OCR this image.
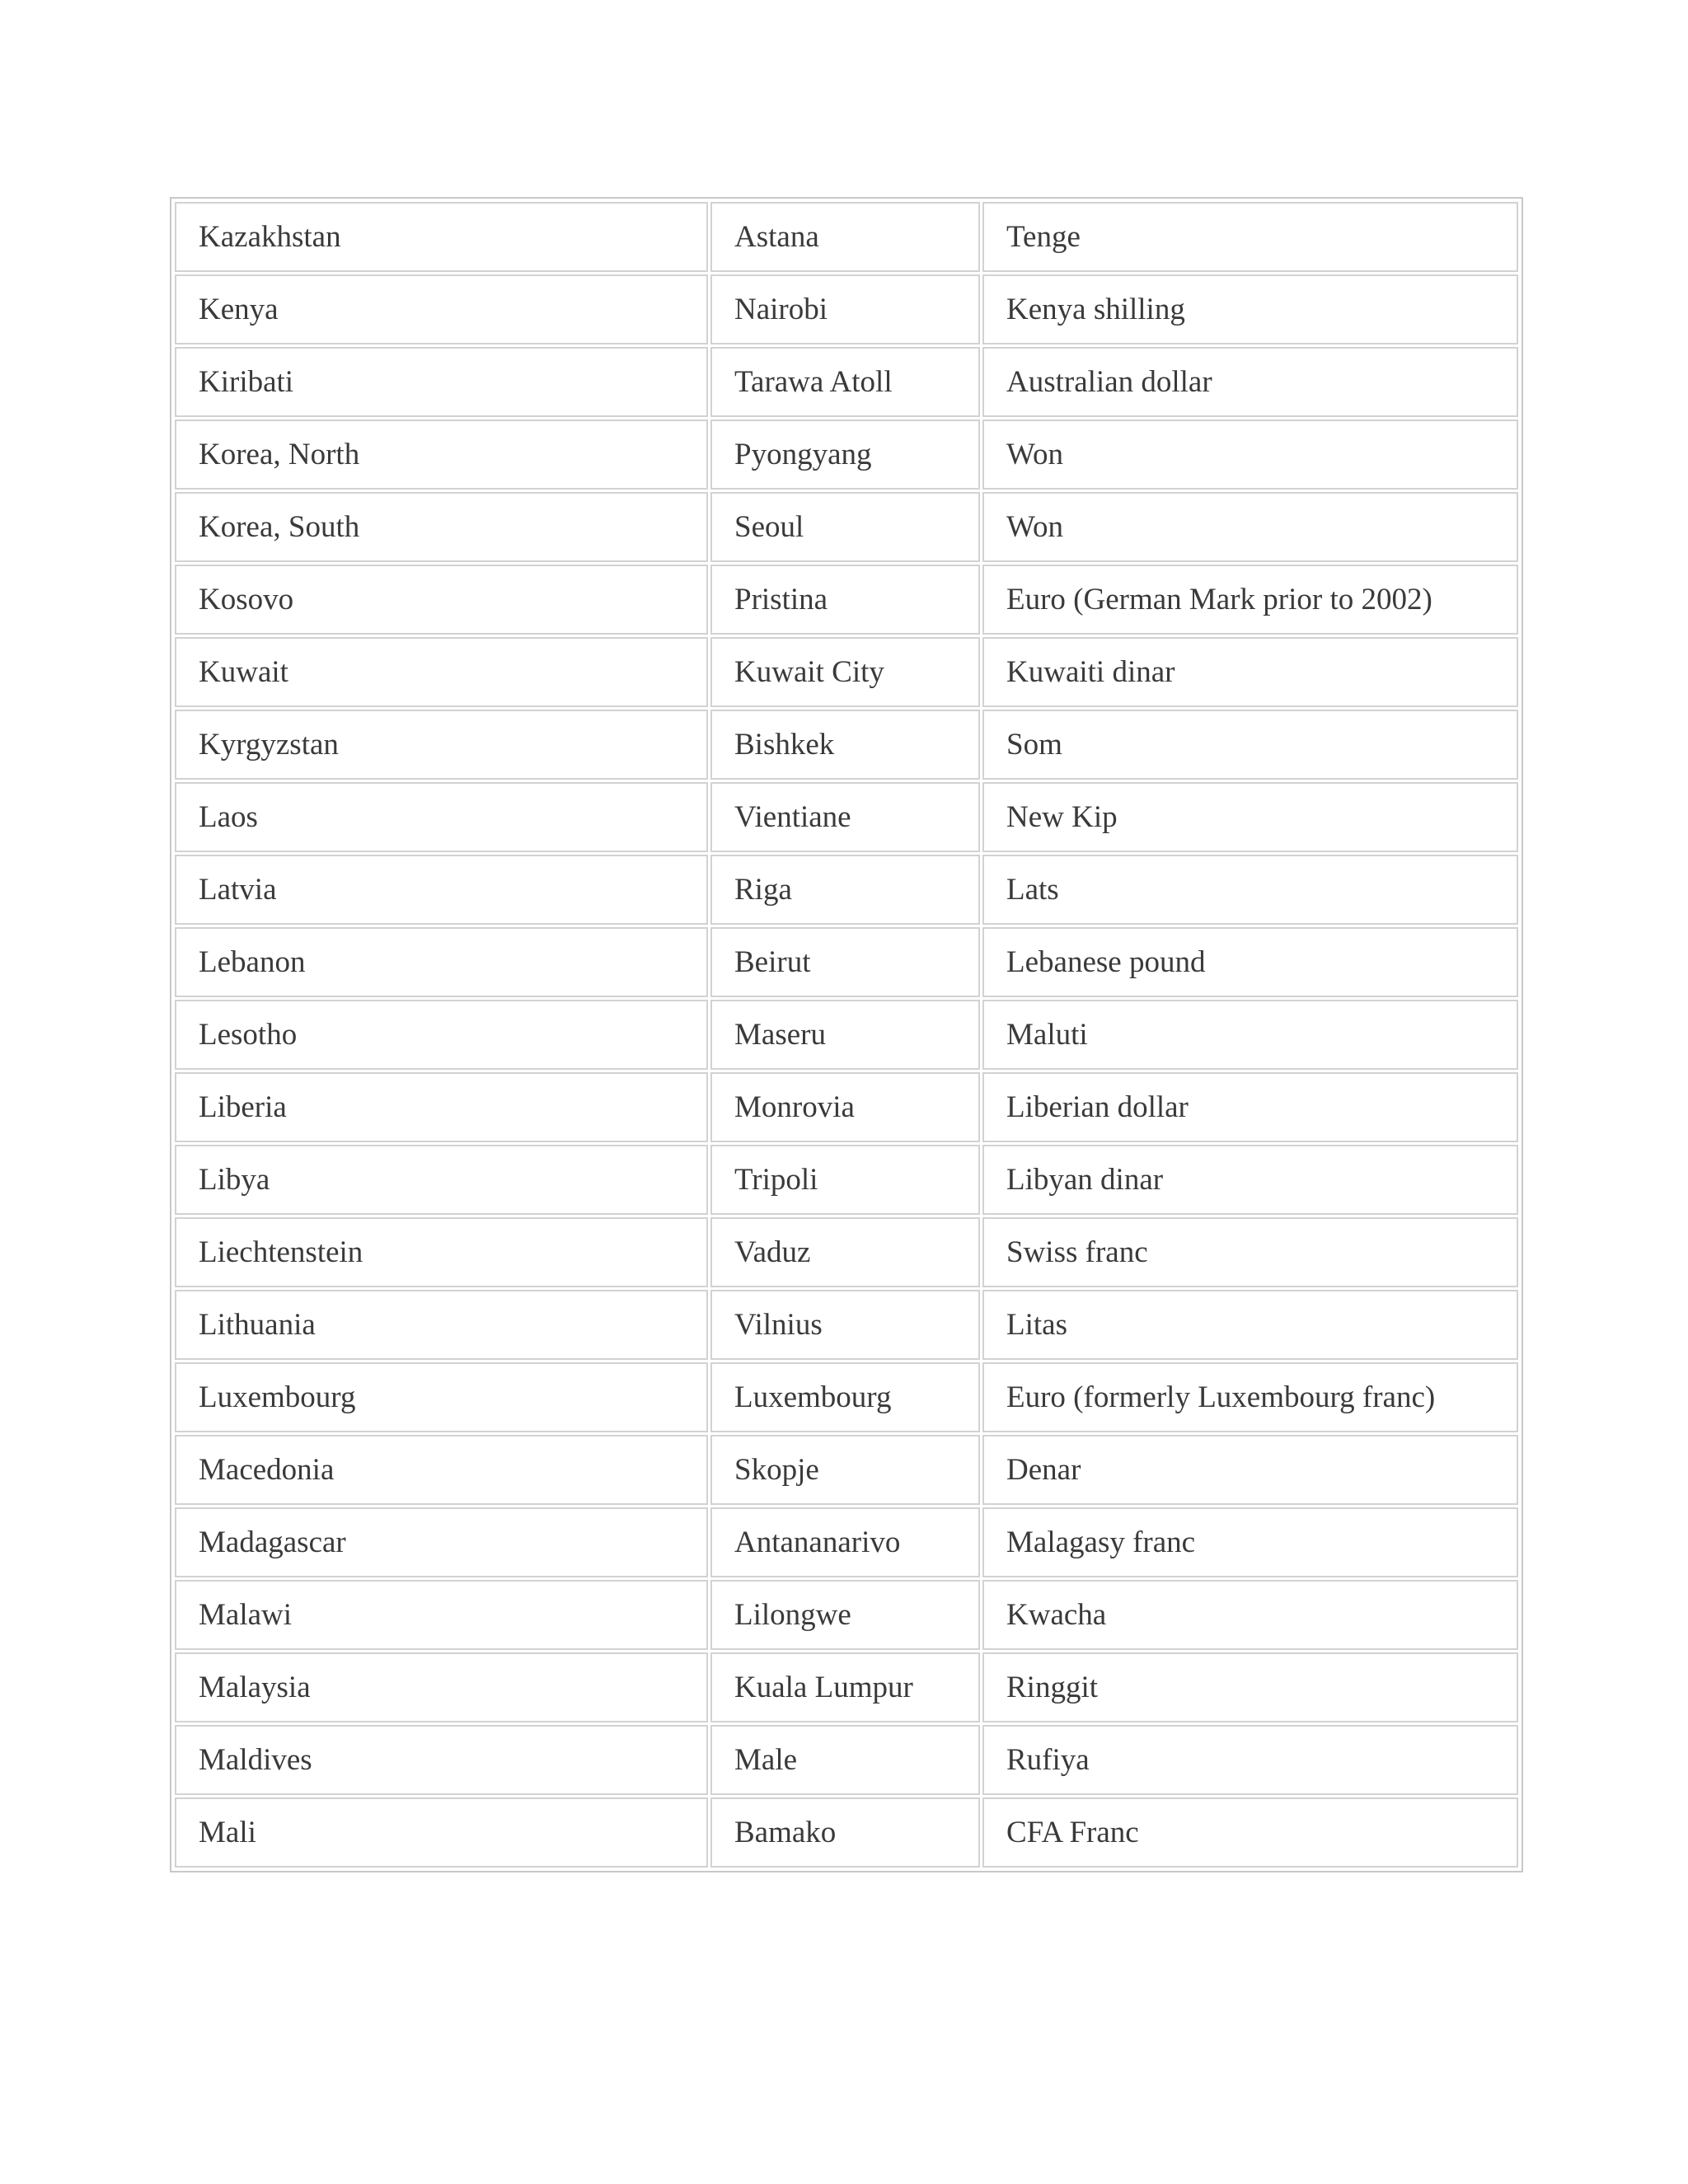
Kazakhstan	Astana	Tenge
Kenya	Nairobi	Kenya shilling
Kiribati	Tarawa Atoll	Australian dollar
Korea, North	Pyongyang	Won
Korea, South	Seoul	Won
Kosovo	Pristina	Euro (German Mark prior to 2002)
Kuwait	Kuwait City	Kuwaiti dinar
Kyrgyzstan	Bishkek	Som
Laos	Vientiane	New Kip
Latvia	Riga	Lats
Lebanon	Beirut	Lebanese pound
Lesotho	Maseru	Maluti
Liberia	Monrovia	Liberian dollar
Libya	Tripoli	Libyan dinar
Liechtenstein	Vaduz	Swiss franc
Lithuania	Vilnius	Litas
Luxembourg	Luxembourg	Euro (formerly Luxembourg franc)
Macedonia	Skopje	Denar
Madagascar	Antananarivo	Malagasy franc
Malawi	Lilongwe	Kwacha
Malaysia	Kuala Lumpur	Ringgit
Maldives	Male	Rufiya
Mali	Bamako	CFA Franc
